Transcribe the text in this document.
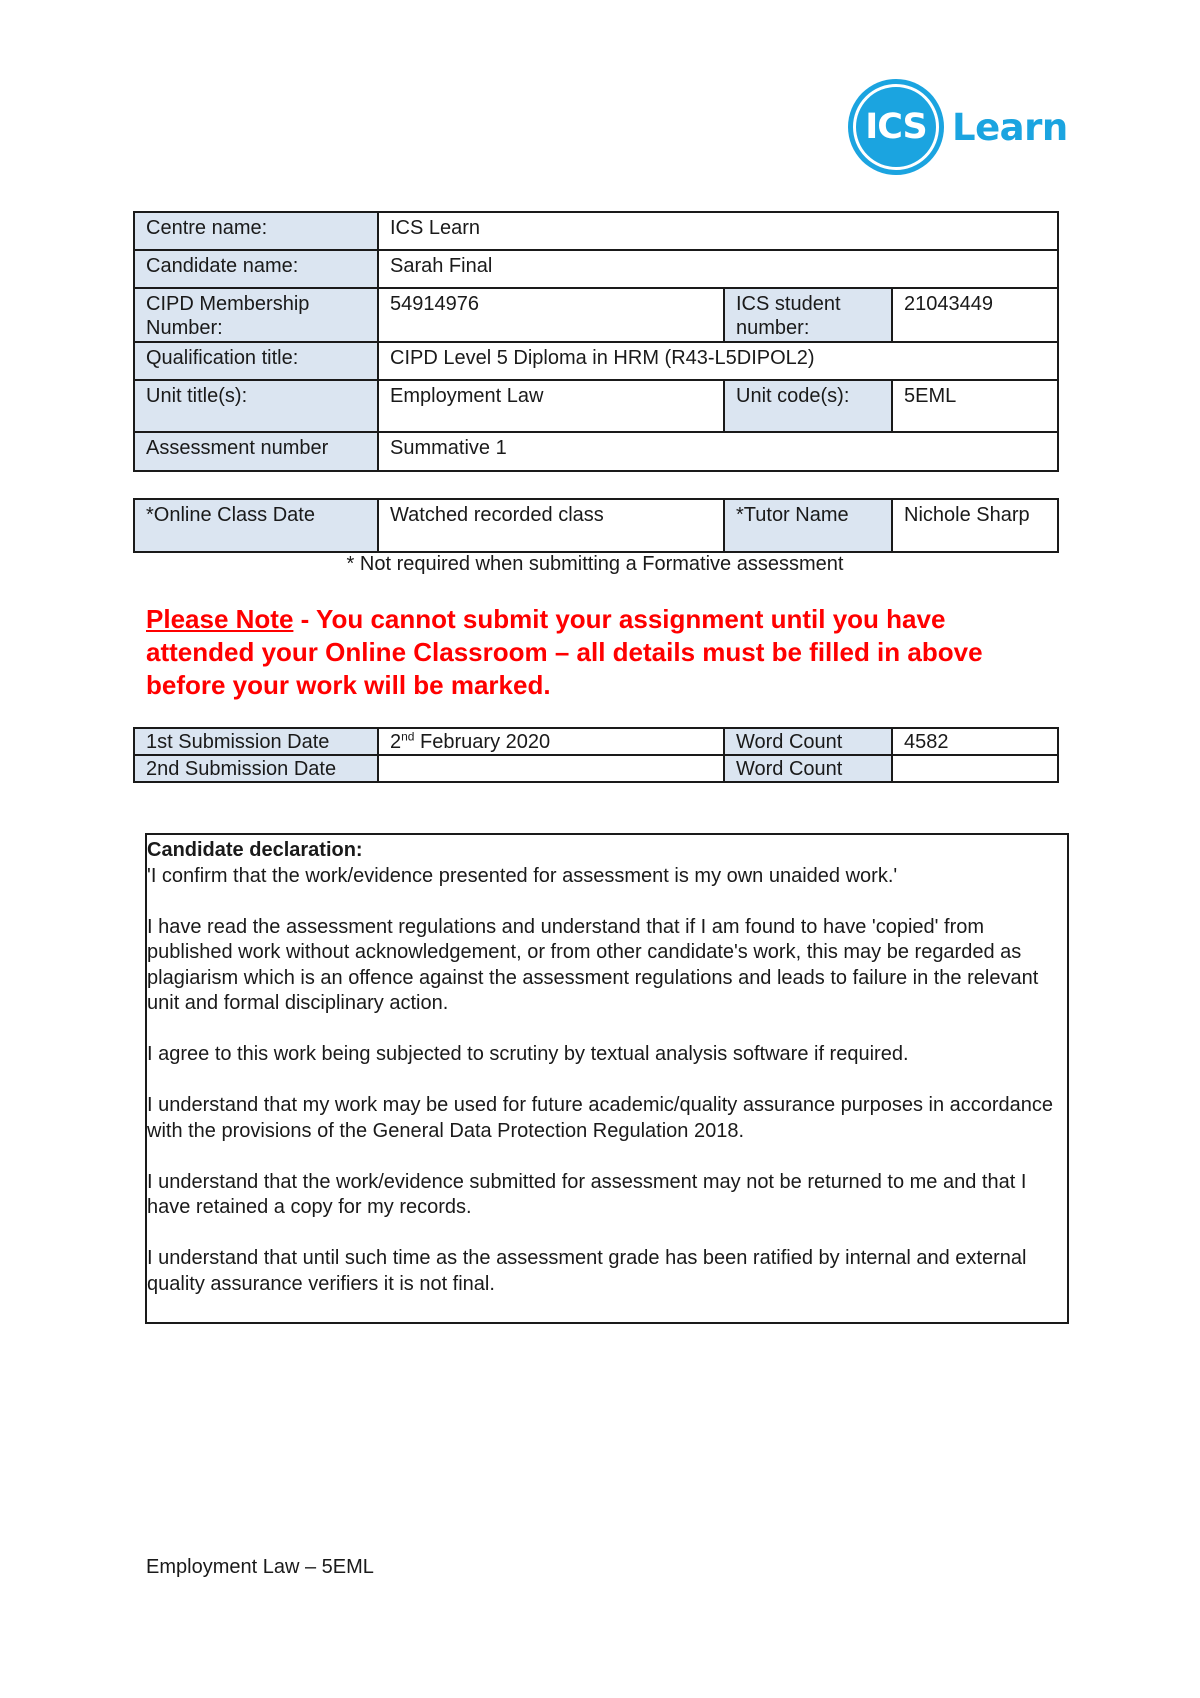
ICS Learn
Centre name:	ICS Learn		
Candidate name:	Sarah Final		
CIPD Membership Number:	54914976	ICS student number:	21043449
Qualification title:	CIPD Level 5 Diploma in HRM (R43-L5DIPOL2)		
Unit title(s):	Employment Law	Unit code(s):	5EML
Assessment number	Summative 1		
*Online Class Date	Watched recorded class	*Tutor Name	Nichole Sharp
* Not required when submitting a Formative assessment
Please Note - You cannot submit your assignment until you have attended your Online Classroom – all details must be filled in above before your work will be marked.
1st Submission Date	2nd February 2020	Word Count	4582
2nd Submission Date		Word Count	
Candidate declaration:

'I confirm that the work/evidence presented for assessment is my own unaided work.'

I have read the assessment regulations and understand that if I am found to have 'copied' from published work without acknowledgement, or from other candidate's work, this may be regarded as plagiarism which is an offence against the assessment regulations and leads to failure in the relevant unit and formal disciplinary action.

I agree to this work being subjected to scrutiny by textual analysis software if required.

I understand that my work may be used for future academic/quality assurance purposes in accordance with the provisions of the General Data Protection Regulation 2018.

I understand that the work/evidence submitted for assessment may not be returned to me and that I have retained a copy for my records.

I understand that until such time as the assessment grade has been ratified by internal and external quality assurance verifiers it is not final.

Employment Law – 5EML
